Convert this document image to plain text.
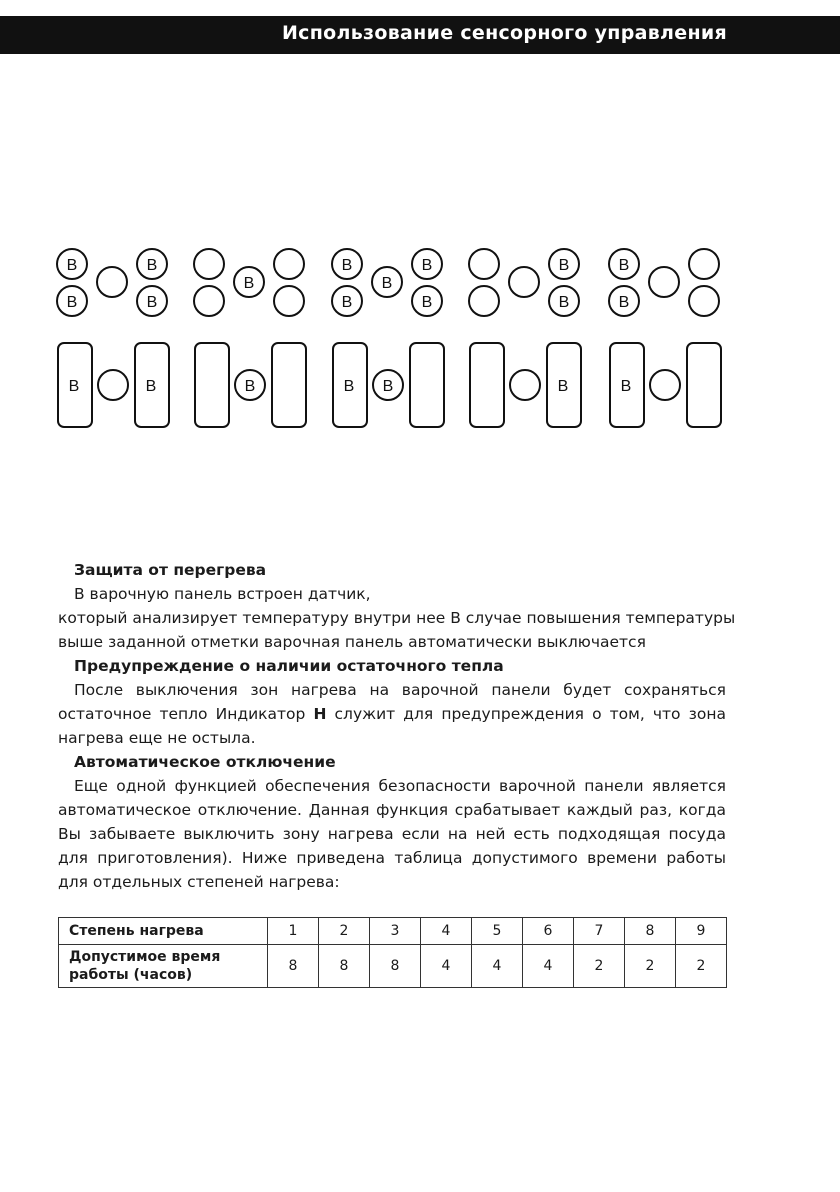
Использование сенсорного управления
B	B
B	B
B	B
B
B
B	B
B	B
B
B B
B
B
B
B
B
B
Защита от перегрева
В варочную панель встроен датчик,
который анализирует температуру внутри нее В случае повышения температуры
выше заданной отметки варочная панель автоматически выключается
Предупреждение о наличии остаточного тепла
После выключения зон нагрева на варочной панели будет сохраняться остаточное тепло Индикатор H служит для предупреждения о том, что зона нагрева еще не остыла.
Автоматическое отключение
Еще одной функцией обеспечения безопасности варочной панели является автоматическое отключение. Данная функция срабатывает каждый раз, когда Вы забываете выключить зону нагрева если на ней есть подходящая посуда для приготовления). Ниже приведена таблица допустимого времени работы для отдельных степеней нагрева:
Степень нагрева	1	2	3	4	5	6	7	8	9
Допустимое время работы (часов)	8	8	8	4	4	4	2	2	2
